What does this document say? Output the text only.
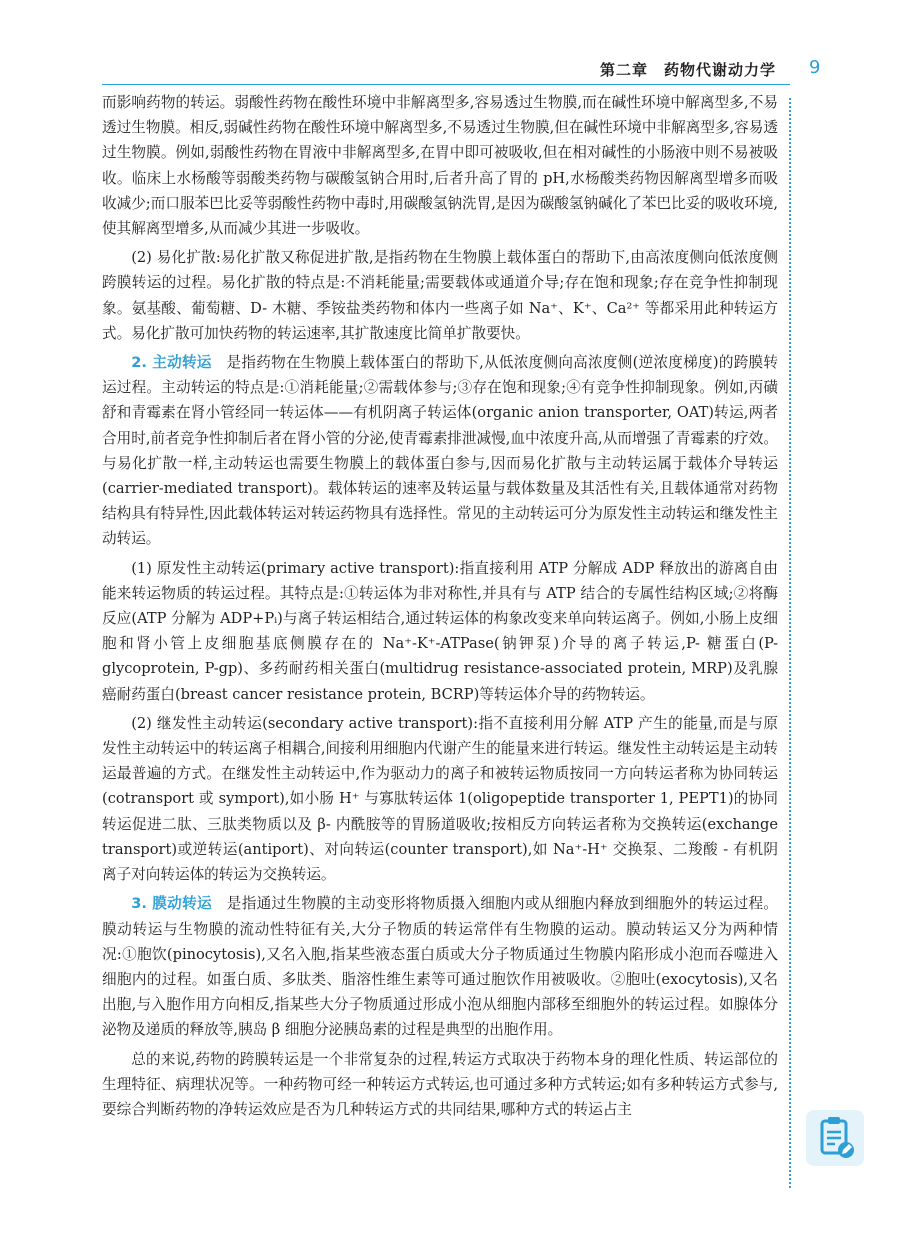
第二章　药物代谢动力学 9

而影响药物的转运。弱酸性药物在酸性环境中非解离型多,容易透过生物膜,而在碱性环境中解离型多,不易透过生物膜。相反,弱碱性药物在酸性环境中解离型多,不易透过生物膜,但在碱性环境中非解离型多,容易透过生物膜。例如,弱酸性药物在胃液中非解离型多,在胃中即可被吸收,但在相对碱性的小肠液中则不易被吸收。临床上水杨酸等弱酸类药物与碳酸氢钠合用时,后者升高了胃的 pH,水杨酸类药物因解离型增多而吸收减少;而口服苯巴比妥等弱酸性药物中毒时,用碳酸氢钠洗胃,是因为碳酸氢钠碱化了苯巴比妥的吸收环境,使其解离型增多,从而减少其进一步吸收。

(2) 易化扩散:易化扩散又称促进扩散,是指药物在生物膜上载体蛋白的帮助下,由高浓度侧向低浓度侧跨膜转运的过程。易化扩散的特点是:不消耗能量;需要载体或通道介导;存在饱和现象;存在竞争性抑制现象。氨基酸、葡萄糖、D- 木糖、季铵盐类药物和体内一些离子如 Na⁺、K⁺、Ca²⁺ 等都采用此种转运方式。易化扩散可加快药物的转运速率,其扩散速度比简单扩散要快。

2. 主动转运　是指药物在生物膜上载体蛋白的帮助下,从低浓度侧向高浓度侧(逆浓度梯度)的跨膜转运过程。主动转运的特点是:①消耗能量;②需载体参与;③存在饱和现象;④有竞争性抑制现象。例如,丙磺舒和青霉素在肾小管经同一转运体——有机阴离子转运体(organic anion transporter, OAT)转运,两者合用时,前者竞争性抑制后者在肾小管的分泌,使青霉素排泄减慢,血中浓度升高,从而增强了青霉素的疗效。与易化扩散一样,主动转运也需要生物膜上的载体蛋白参与,因而易化扩散与主动转运属于载体介导转运(carrier-mediated transport)。载体转运的速率及转运量与载体数量及其活性有关,且载体通常对药物结构具有特异性,因此载体转运对转运药物具有选择性。常见的主动转运可分为原发性主动转运和继发性主动转运。

(1) 原发性主动转运(primary active transport):指直接利用 ATP 分解成 ADP 释放出的游离自由能来转运物质的转运过程。其特点是:①转运体为非对称性,并具有与 ATP 结合的专属性结构区域;②将酶反应(ATP 分解为 ADP+Pᵢ)与离子转运相结合,通过转运体的构象改变来单向转运离子。例如,小肠上皮细胞和肾小管上皮细胞基底侧膜存在的 Na⁺-K⁺-ATPase(钠钾泵)介导的离子转运,P- 糖蛋白(P-glycoprotein, P-gp)、多药耐药相关蛋白(multidrug resistance-associated protein, MRP)及乳腺癌耐药蛋白(breast cancer resistance protein, BCRP)等转运体介导的药物转运。

(2) 继发性主动转运(secondary active transport):指不直接利用分解 ATP 产生的能量,而是与原发性主动转运中的转运离子相耦合,间接利用细胞内代谢产生的能量来进行转运。继发性主动转运是主动转运最普遍的方式。在继发性主动转运中,作为驱动力的离子和被转运物质按同一方向转运者称为协同转运(cotransport 或 symport),如小肠 H⁺ 与寡肽转运体 1(oligopeptide transporter 1, PEPT1)的协同转运促进二肽、三肽类物质以及 β- 内酰胺等的胃肠道吸收;按相反方向转运者称为交换转运(exchange transport)或逆转运(antiport)、对向转运(counter transport),如 Na⁺-H⁺ 交换泵、二羧酸 - 有机阴离子对向转运体的转运为交换转运。

3. 膜动转运　是指通过生物膜的主动变形将物质摄入细胞内或从细胞内释放到细胞外的转运过程。膜动转运与生物膜的流动性特征有关,大分子物质的转运常伴有生物膜的运动。膜动转运又分为两种情况:①胞饮(pinocytosis),又名入胞,指某些液态蛋白质或大分子物质通过生物膜内陷形成小泡而吞噬进入细胞内的过程。如蛋白质、多肽类、脂溶性维生素等可通过胞饮作用被吸收。②胞吐(exocytosis),又名出胞,与入胞作用方向相反,指某些大分子物质通过形成小泡从细胞内部移至细胞外的转运过程。如腺体分泌物及递质的释放等,胰岛 β 细胞分泌胰岛素的过程是典型的出胞作用。

总的来说,药物的跨膜转运是一个非常复杂的过程,转运方式取决于药物本身的理化性质、转运部位的生理特征、病理状况等。一种药物可经一种转运方式转运,也可通过多种方式转运;如有多种转运方式参与,要综合判断药物的净转运效应是否为几种转运方式的共同结果,哪种方式的转运占主
